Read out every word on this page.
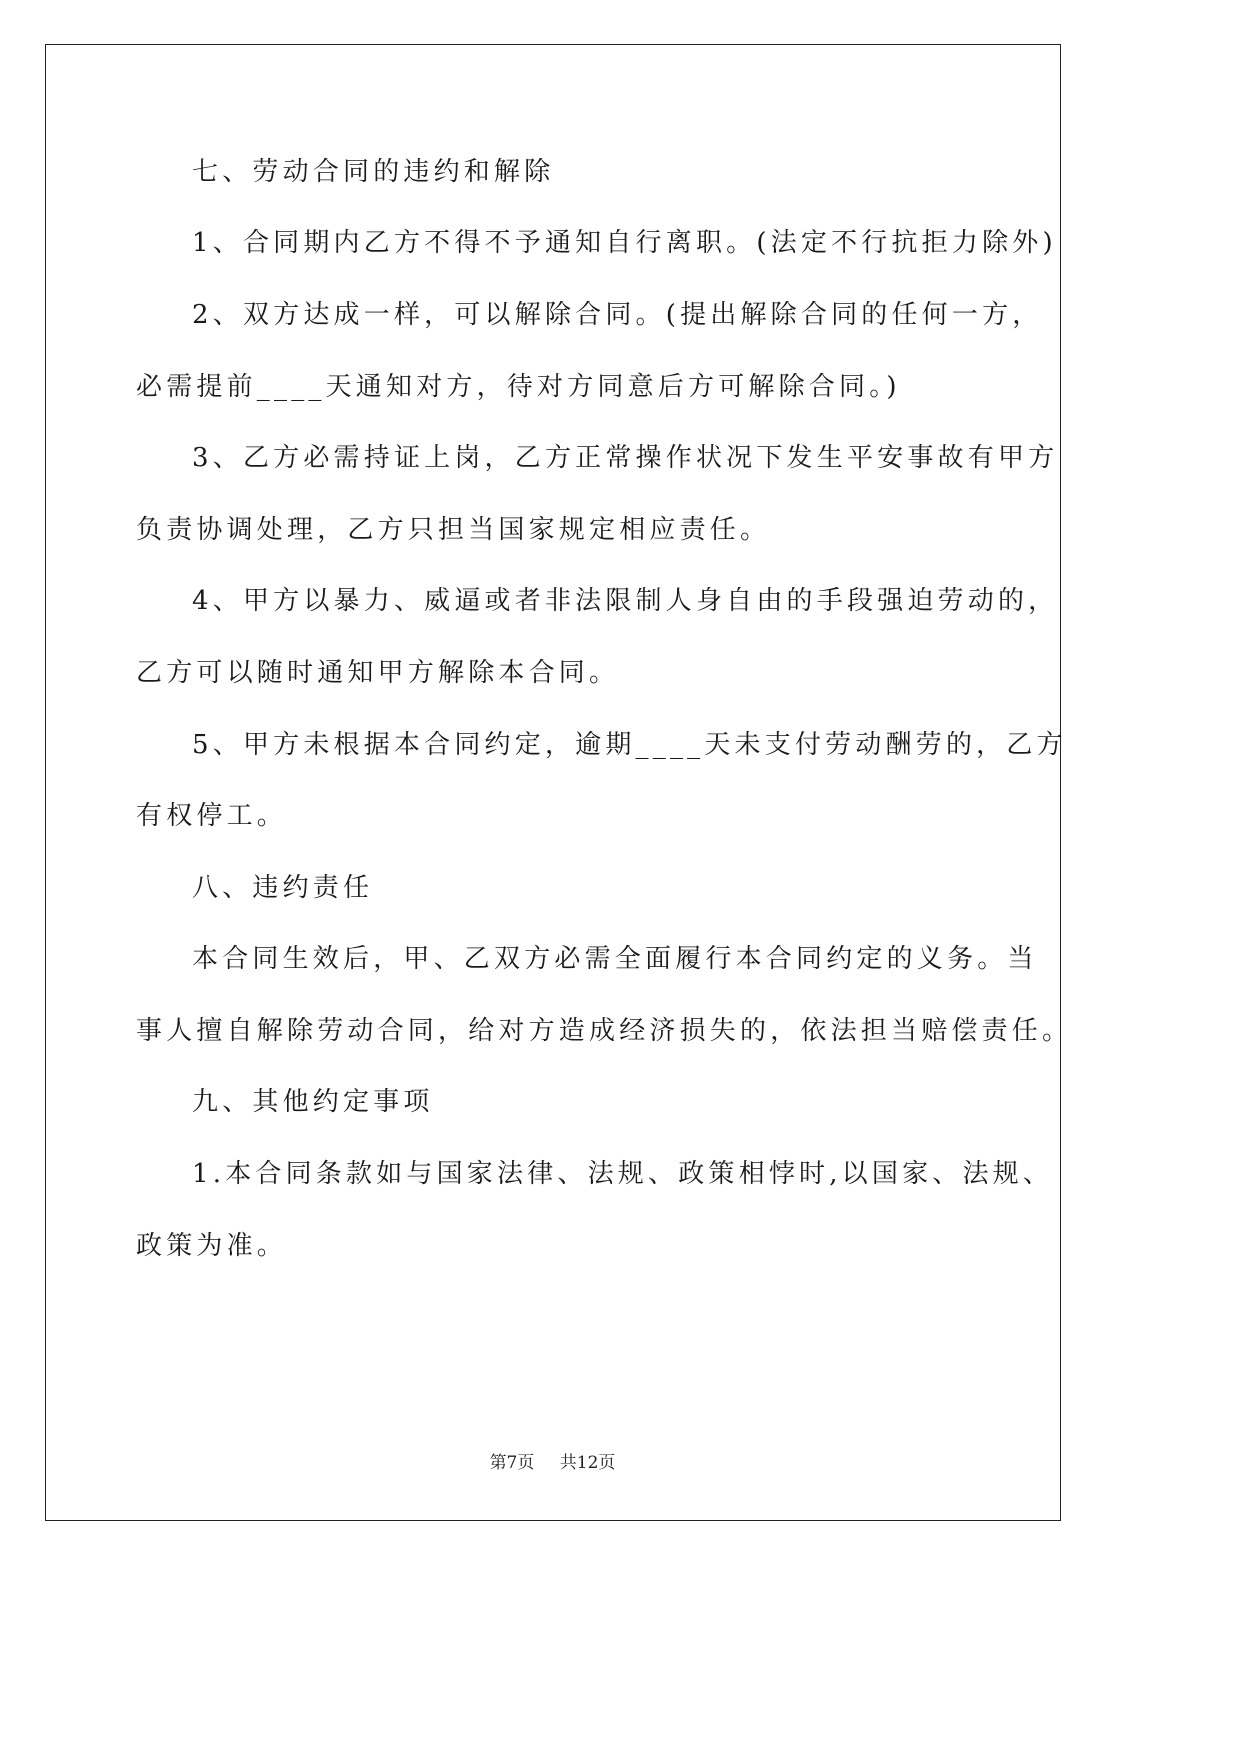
七、劳动合同的违约和解除
1、合同期内乙方不得不予通知自行离职。(法定不行抗拒力除外)
2、双方达成一样，可以解除合同。(提出解除合同的任何一方，
必需提前____天通知对方，待对方同意后方可解除合同。)
3、乙方必需持证上岗，乙方正常操作状况下发生平安事故有甲方
负责协调处理，乙方只担当国家规定相应责任。
4、甲方以暴力、威逼或者非法限制人身自由的手段强迫劳动的，
乙方可以随时通知甲方解除本合同。
5、甲方未根据本合同约定，逾期____天未支付劳动酬劳的，乙方
有权停工。
八、违约责任
本合同生效后，甲、乙双方必需全面履行本合同约定的义务。当
事人擅自解除劳动合同，给对方造成经济损失的，依法担当赔偿责任。
九、其他约定事项
1.本合同条款如与国家法律、法规、政策相悖时,以国家、法规、
政策为准。
第7页 共12页
